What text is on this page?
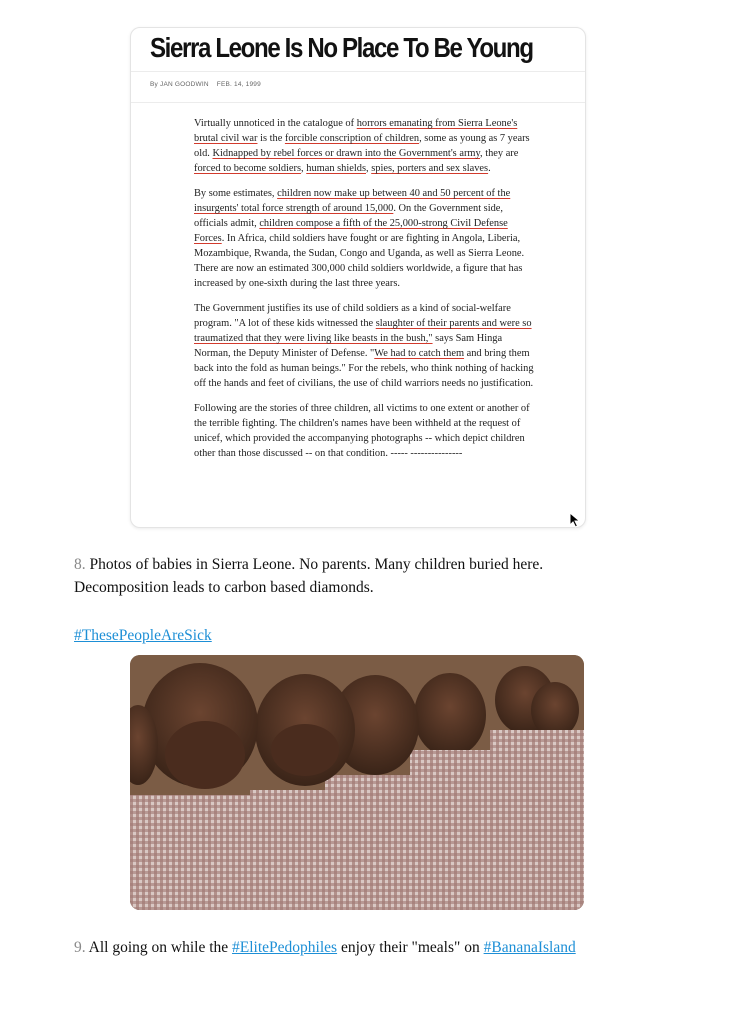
Sierra Leone Is No Place To Be Young
By JAN GOODWIN FEB. 14, 1999

Virtually unnoticed in the catalogue of horrors emanating from Sierra Leone's brutal civil war is the forcible conscription of children, some as young as 7 years old. Kidnapped by rebel forces or drawn into the Government's army, they are forced to become soldiers, human shields, spies, porters and sex slaves.

By some estimates, children now make up between 40 and 50 percent of the insurgents' total force strength of around 15,000. On the Government side, officials admit, children compose a fifth of the 25,000-strong Civil Defense Forces. In Africa, child soldiers have fought or are fighting in Angola, Liberia, Mozambique, Rwanda, the Sudan, Congo and Uganda, as well as Sierra Leone. There are now an estimated 300,000 child soldiers worldwide, a figure that has increased by one-sixth during the last three years.

The Government justifies its use of child soldiers as a kind of social-welfare program. "A lot of these kids witnessed the slaughter of their parents and were so traumatized that they were living like beasts in the bush," says Sam Hinga Norman, the Deputy Minister of Defense. "We had to catch them and bring them back into the fold as human beings." For the rebels, who think nothing of hacking off the hands and feet of civilians, the use of child warriors needs no justification.

Following are the stories of three children, all victims to one extent or another of the terrible fighting. The children's names have been withheld at the request of unicef, which provided the accompanying photographs -- which depict children other than those discussed -- on that condition. ----- ---------------

8. Photos of babies in Sierra Leone. No parents. Many children buried here. Decomposition leads to carbon based diamonds.
#ThesePeopleAreSick
9. All going on while the #ElitePedophiles enjoy their "meals" on #BananaIsland
